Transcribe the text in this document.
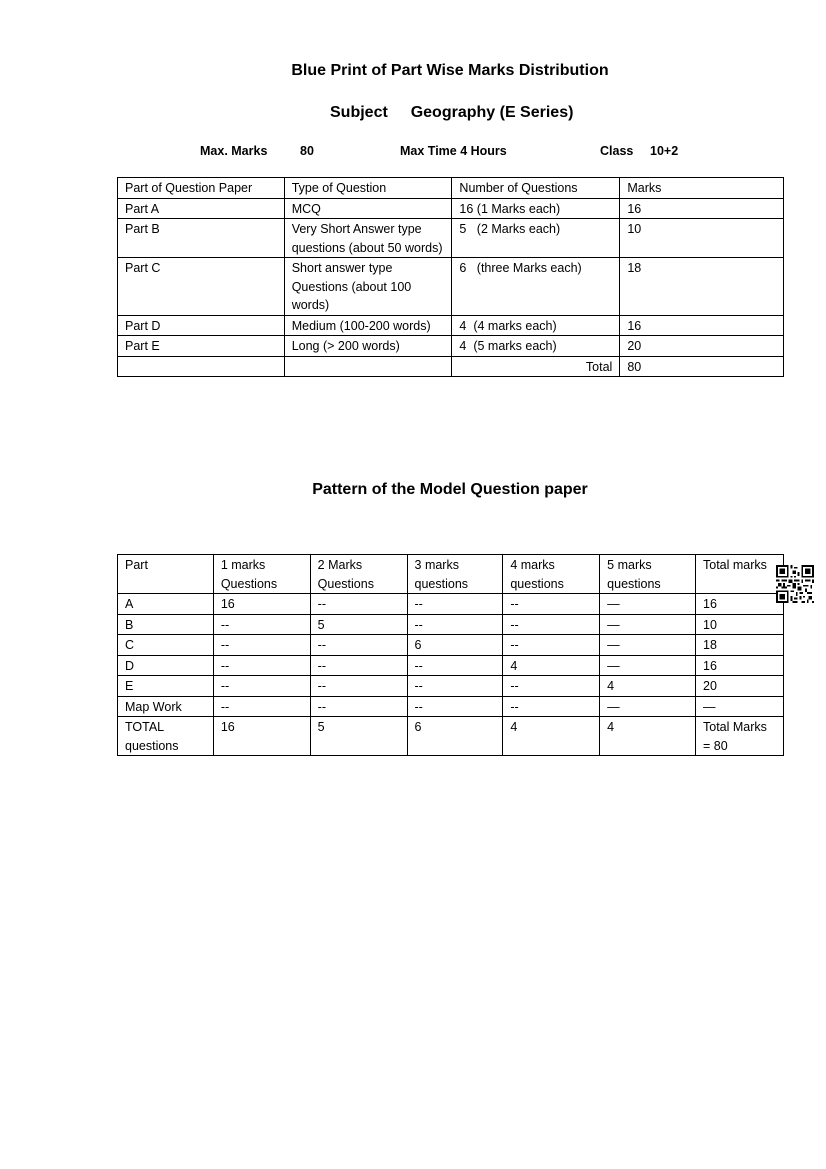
Blue Print of Part Wise Marks Distribution
Subject Geography (E Series)
Max. Marks	80	Max Time 4 Hours	Class 10+2
Part of Question Paper	Type of Question	Number of Questions	Marks
Part A	MCQ	16 (1 Marks each)	16
Part B	Very Short Answer type questions (about 50 words)	5   (2 Marks each)	10
Part C	Short answer type Questions (about 100 words)	6   (three Marks each)	18
Part D	Medium (100-200 words)	4  (4 marks each)	16
Part E	Long (> 200 words)	4  (5 marks each)	20
		Total	80
Pattern of the Model Question paper
Part	1 marks Questions	2 Marks Questions	3 marks questions	4 marks questions	5 marks questions	Total marks
A	16	--	--	--	—	16
B	--	5	--	--	—	10
C	--	--	6	--	—	18
D	--	--	--	4	—	16
E	--	--	--	--	4	20
Map Work	--	--	--	--	—	—
TOTAL questions	16	5	6	4	4	Total Marks = 80
